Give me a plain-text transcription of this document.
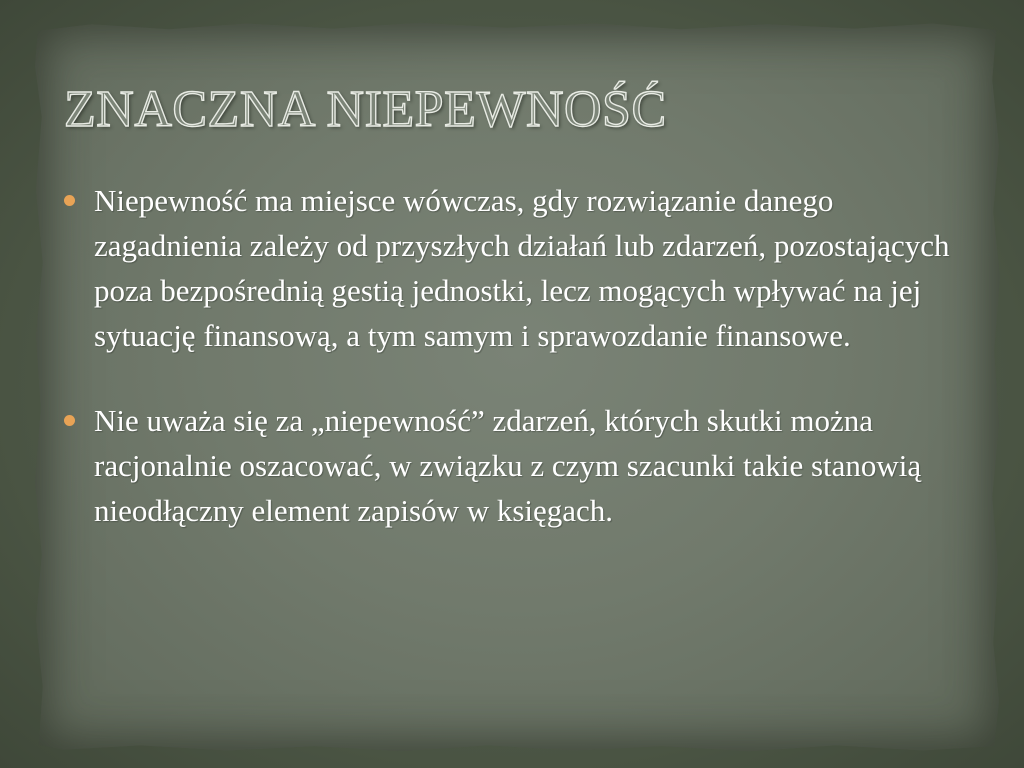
ZNACZNA NIEPEWNOŚĆ
Niepewność ma miejsce wówczas, gdy rozwiązanie danego zagadnienia zależy od przyszłych działań lub zdarzeń, pozostających poza bezpośrednią gestią jednostki, lecz mogących wpływać na jej sytuację finansową, a tym samym i sprawozdanie finansowe.
Nie uważa się za „niepewność” zdarzeń, których skutki można racjonalnie oszacować, w związku z czym szacunki takie stanowią nieodłączny element zapisów w księgach.
